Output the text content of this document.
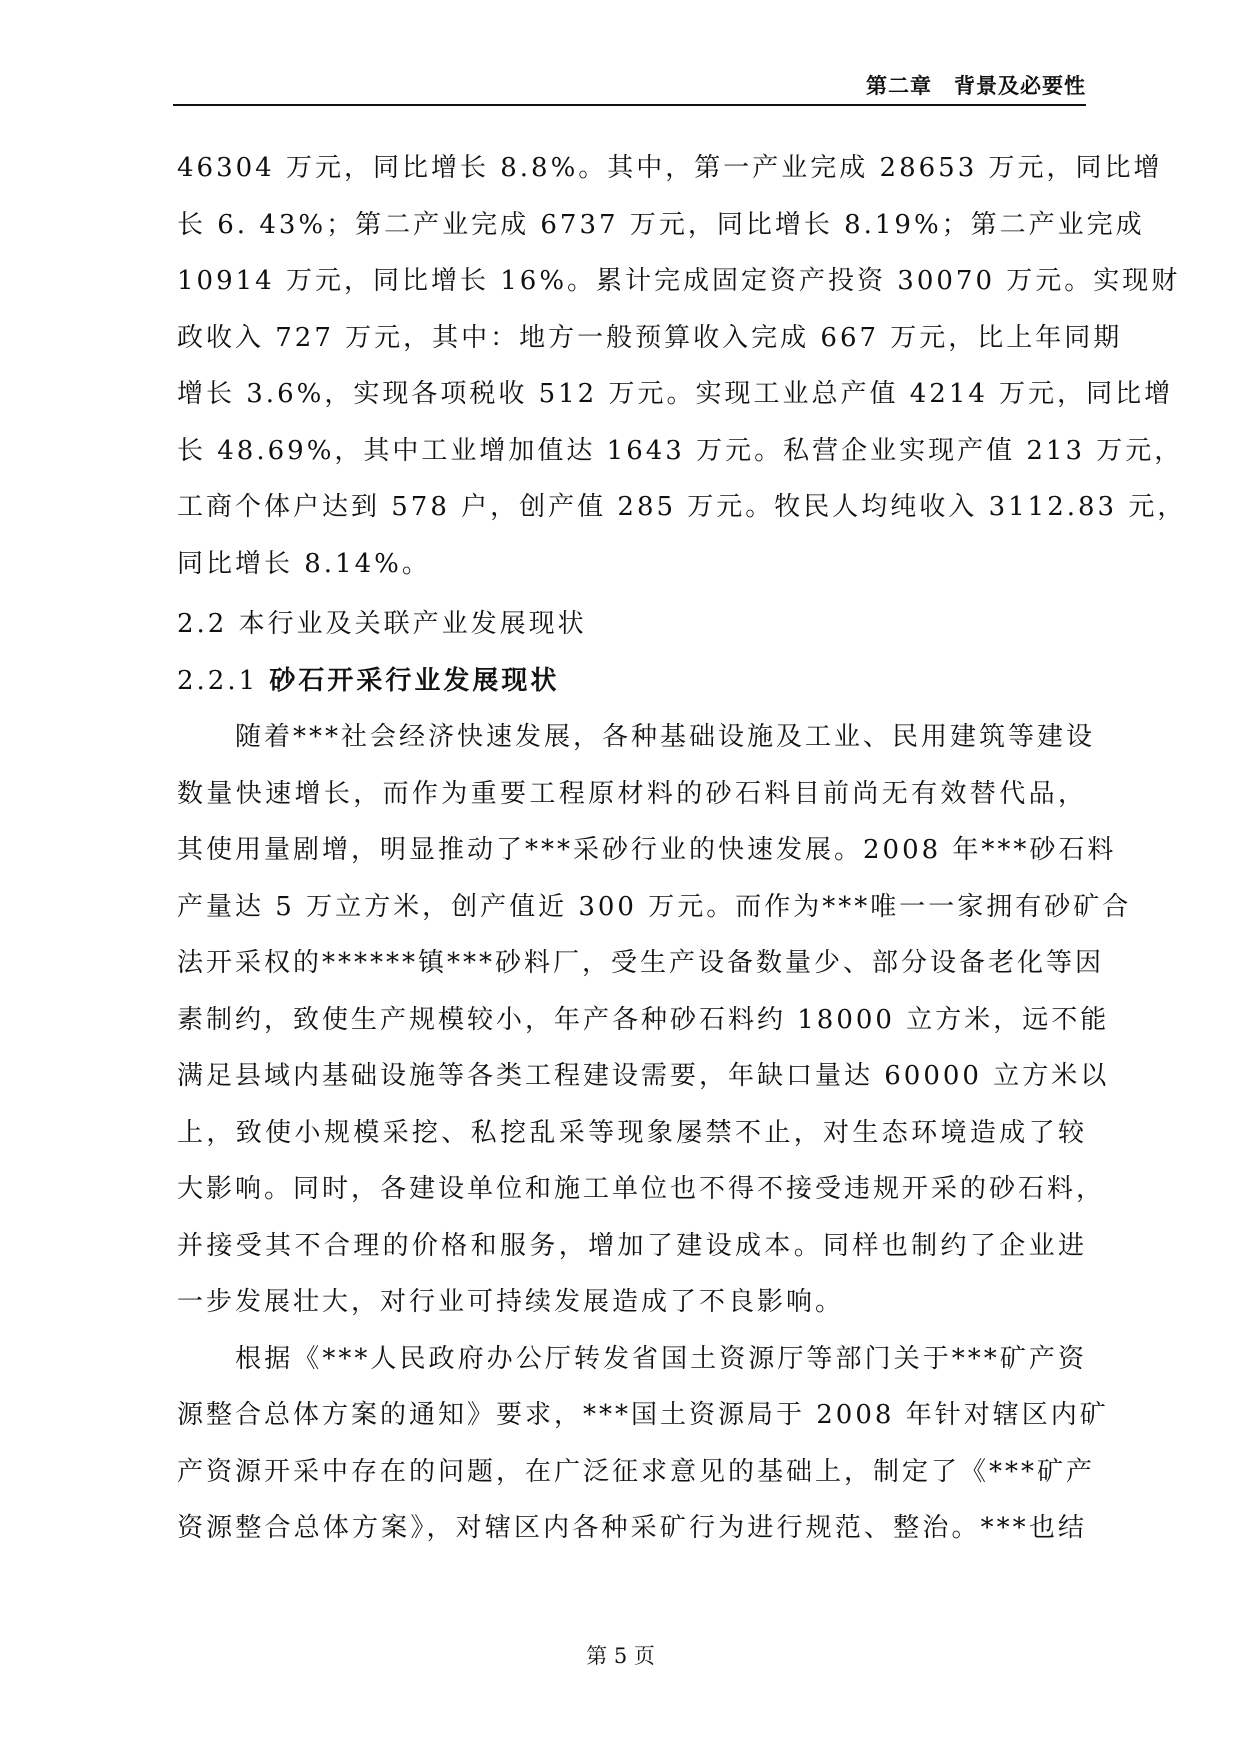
第二章　背景及必要性
46304 万元，同比增长 8.8%。其中，第一产业完成 28653 万元，同比增
长 6. 43%；第二产业完成 6737 万元，同比增长 8.19%；第二产业完成
10914 万元，同比增长 16%。累计完成固定资产投资 30070 万元。实现财
政收入 727 万元，其中：地方一般预算收入完成 667 万元，比上年同期
增长 3.6%，实现各项税收 512 万元。实现工业总产值 4214 万元，同比增
长 48.69%，其中工业增加值达 1643 万元。私营企业实现产值 213 万元，
工商个体户达到 578 户，创产值 285 万元。牧民人均纯收入 3112.83 元，
同比增长 8.14%。
2.2 本行业及关联产业发展现状
2.2.1 砂石开采行业发展现状
　　随着***社会经济快速发展，各种基础设施及工业、民用建筑等建设
数量快速增长，而作为重要工程原材料的砂石料目前尚无有效替代品，
其使用量剧增，明显推动了***采砂行业的快速发展。2008 年***砂石料
产量达 5 万立方米，创产值近 300 万元。而作为***唯一一家拥有砂矿合
法开采权的******镇***砂料厂，受生产设备数量少、部分设备老化等因
素制约，致使生产规模较小，年产各种砂石料约 18000 立方米，远不能
满足县域内基础设施等各类工程建设需要，年缺口量达 60000 立方米以
上，致使小规模采挖、私挖乱采等现象屡禁不止，对生态环境造成了较
大影响。同时，各建设单位和施工单位也不得不接受违规开采的砂石料，
并接受其不合理的价格和服务，增加了建设成本。同样也制约了企业进
一步发展壮大，对行业可持续发展造成了不良影响。
　　根据《***人民政府办公厅转发省国土资源厅等部门关于***矿产资
源整合总体方案的通知》要求，***国土资源局于 2008 年针对辖区内矿
产资源开采中存在的问题，在广泛征求意见的基础上，制定了《***矿产
资源整合总体方案》，对辖区内各种采矿行为进行规范、整治。***也结
第 5 页
